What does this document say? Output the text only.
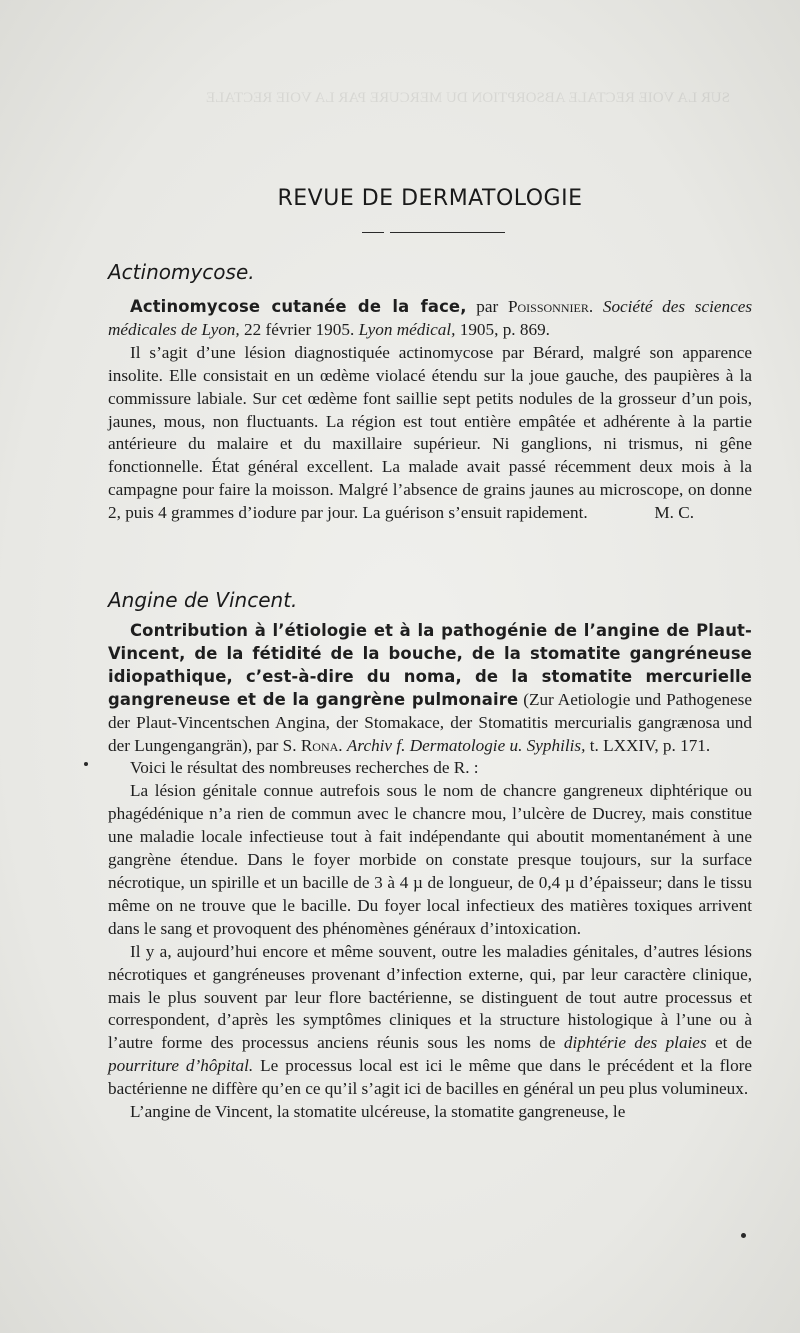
SUR LA VOIE RECTALE ABSORPTION DU MERCURE PAR LA VOIE RECTALE
REVUE DE DERMATOLOGIE
Actinomycose.

Actinomycose cutanée de la face, par Poissonnier. Société des sciences médicales de Lyon, 22 février 1905. Lyon médical, 1905, p. 869.

Il s’agit d’une lésion diagnostiquée actinomycose par Bérard, malgré son apparence insolite. Elle consistait en un œdème violacé étendu sur la joue gauche, des paupières à la commissure labiale. Sur cet œdème font saillie sept petits nodules de la grosseur d’un pois, jaunes, mous, non fluctuants. La région est tout entière empâtée et adhérente à la partie antérieure du malaire et du maxillaire supérieur. Ni ganglions, ni trismus, ni gêne fonctionnelle. État général excellent. La malade avait passé récemment deux mois à la campagne pour faire la moisson. Malgré l’absence de grains jaunes au microscope, on donne 2, puis 4 grammes d’iodure par jour. La guérison s’ensuit rapidement.	M. C.
Angine de Vincent.

Contribution à l’étiologie et à la pathogénie de l’angine de Plaut-Vincent, de la fétidité de la bouche, de la stomatite gangréneuse idiopathique, c’est-à-dire du noma, de la stomatite mercurielle gangreneuse et de la gangrène pulmonaire (Zur Aetiologie und Pathogenese der Plaut-Vincentschen Angina, der Stomakace, der Stomatitis mercurialis gangrænosa und der Lungengangrän), par S. Rona. Archiv f. Dermatologie u. Syphilis, t. LXXIV, p. 171.

Voici le résultat des nombreuses recherches de R. :

La lésion génitale connue autrefois sous le nom de chancre gangreneux diphtérique ou phagédénique n’a rien de commun avec le chancre mou, l’ulcère de Ducrey, mais constitue une maladie locale infectieuse tout à fait indépendante qui aboutit momentanément à une gangrène étendue. Dans le foyer morbide on constate presque toujours, sur la surface nécrotique, un spirille et un bacille de 3 à 4 µ de longueur, de 0,4 µ d’épaisseur; dans le tissu même on ne trouve que le bacille. Du foyer local infectieux des matières toxiques arrivent dans le sang et provoquent des phénomènes généraux d’intoxication.

Il y a, aujourd’hui encore et même souvent, outre les maladies génitales, d’autres lésions nécrotiques et gangréneuses provenant d’infection externe, qui, par leur caractère clinique, mais le plus souvent par leur flore bactérienne, se distinguent de tout autre processus et correspondent, d’après les symptômes cliniques et la structure histologique à l’une ou à l’autre forme des processus anciens réunis sous les noms de diphtérie des plaies et de pourriture d’hôpital. Le processus local est ici le même que dans le précédent et la flore bactérienne ne diffère qu’en ce qu’il s’agit ici de bacilles en général un peu plus volumineux.

L’angine de Vincent, la stomatite ulcéreuse, la stomatite gangreneuse, le
